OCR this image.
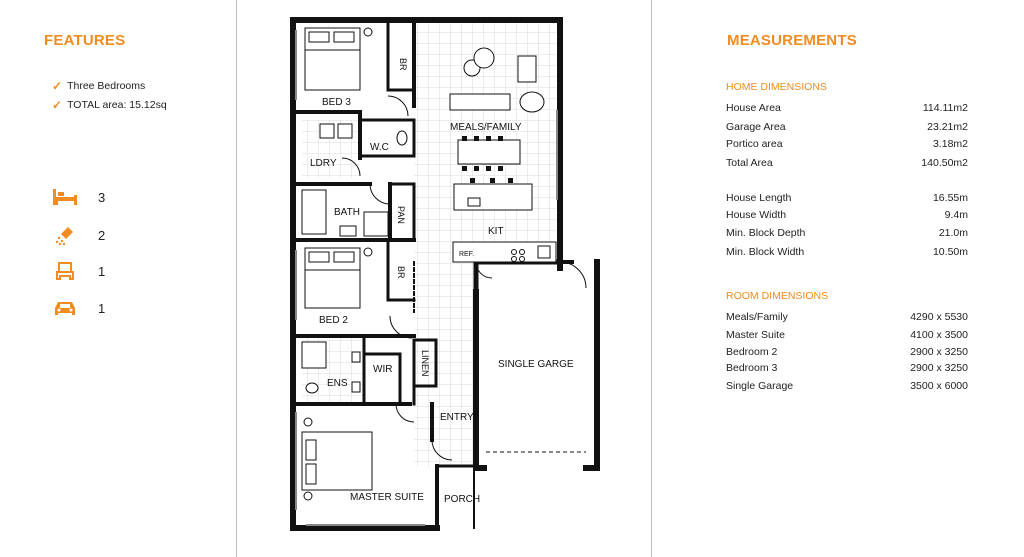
FEATURES
✓ Three Bedrooms
✓ TOTAL area: 15.12sq
3
2
1
1
BED 3
BR
MEALS/FAMILY
W.C
LDRY
BATH	PAN
KIT
REF.
BR
BED 2
SINGLE GARGE
ENS
WIR	LINEN
ENTRY
MASTER SUITE PORCH
MEASUREMENTS
HOME DIMENSIONS
House Area	114.11m2
Garage Area	23.21m2
Portico area	3.18m2
Total Area	140.50m2
House Length	16.55m
House Width	9.4m
Min. Block Depth	21.0m
Min. Block Width	10.50m
ROOM DIMENSIONS
Meals/Family	4290 x 5530
Master Suite	4100 x 3500
Bedroom 2	2900 x 3250
Bedroom 3	2900 x 3250
Single Garage	3500 x 6000
